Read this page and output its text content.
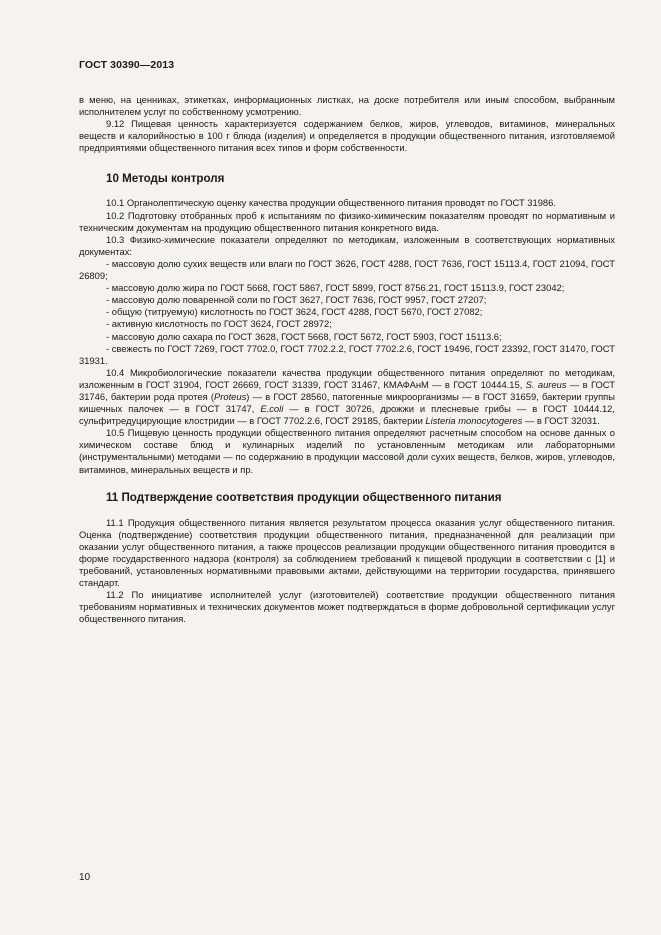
ГОСТ 30390—2013

в меню, на ценниках, этикетках, информационных листках, на доске потребителя или иным способом, выбранным исполнителем услуг по собственному усмотрению.

9.12 Пищевая ценность характеризуется содержанием белков, жиров, углеводов, витаминов, минеральных веществ и калорийностью в 100 г блюда (изделия) и определяется в продукции общественного питания, изготовляемой предприятиями общественного питания всех типов и форм собственности.

10 Методы контроля

10.1 Органолептическую оценку качества продукции общественного питания проводят по ГОСТ 31986.

10.2 Подготовку отобранных проб к испытаниям по физико-химическим показателям проводят по нормативным и техническим документам на продукцию общественного питания конкретного вида.

10.3 Физико-химические показатели определяют по методикам, изложенным в соответствующих нормативных документах:

- массовую долю сухих веществ или влаги по ГОСТ 3626, ГОСТ 4288, ГОСТ 7636, ГОСТ 15113.4, ГОСТ 21094, ГОСТ 26809;

- массовую долю жира по ГОСТ 5668, ГОСТ 5867, ГОСТ 5899, ГОСТ 8756.21, ГОСТ 15113.9, ГОСТ 23042;

- массовую долю поваренной соли по ГОСТ 3627, ГОСТ 7636, ГОСТ 9957, ГОСТ 27207;

- общую (титруемую) кислотность по ГОСТ 3624, ГОСТ 4288, ГОСТ 5670, ГОСТ 27082;

- активную кислотность по ГОСТ 3624, ГОСТ 28972;

- массовую долю сахара по ГОСТ 3628, ГОСТ 5668, ГОСТ 5672, ГОСТ 5903, ГОСТ 15113.6;

- свежесть по ГОСТ 7269, ГОСТ 7702.0, ГОСТ 7702.2.2, ГОСТ 7702.2.6, ГОСТ 19496, ГОСТ 23392, ГОСТ 31470, ГОСТ 31931.

10.4 Микробиологические показатели качества продукции общественного питания определяют по методикам, изложенным в ГОСТ 31904, ГОСТ 26669, ГОСТ 31339, ГОСТ 31467, КМАФАнМ — в ГОСТ 10444.15, S. aureus — в ГОСТ 31746, бактерии рода протея (Proteus) — в ГОСТ 28560, патогенные микроорганизмы — в ГОСТ 31659, бактерии группы кишечных палочек — в ГОСТ 31747, E.coli — в ГОСТ 30726, дрожжи и плесневые грибы — в ГОСТ 10444.12, сульфитредуцирующие клостридии — в ГОСТ 7702.2.6, ГОСТ 29185, бактерии Listeria monocytogeres — в ГОСТ 32031.

10.5 Пищевую ценность продукции общественного питания определяют расчетным способом на основе данных о химическом составе блюд и кулинарных изделий по установленным методикам или лабораторными (инструментальными) методами — по содержанию в продукции массовой доли сухих веществ, белков, жиров, углеводов, витаминов, минеральных веществ и пр.

11 Подтверждение соответствия продукции общественного питания

11.1 Продукция общественного питания является результатом процесса оказания услуг общественного питания. Оценка (подтверждение) соответствия продукции общественного питания, предназначенной для реализации при оказании услуг общественного питания, а также процессов реализации продукции общественного питания проводится в форме государственного надзора (контроля) за соблюдением требований к пищевой продукции в соответствии с [1] и требований, установленных нормативными правовыми актами, действующими на территории государства, принявшего стандарт.

11.2 По инициативе исполнителей услуг (изготовителей) соответствие продукции общественного питания требованиям нормативных и технических документов может подтверждаться в форме добровольной сертификации услуг общественного питания.

10
